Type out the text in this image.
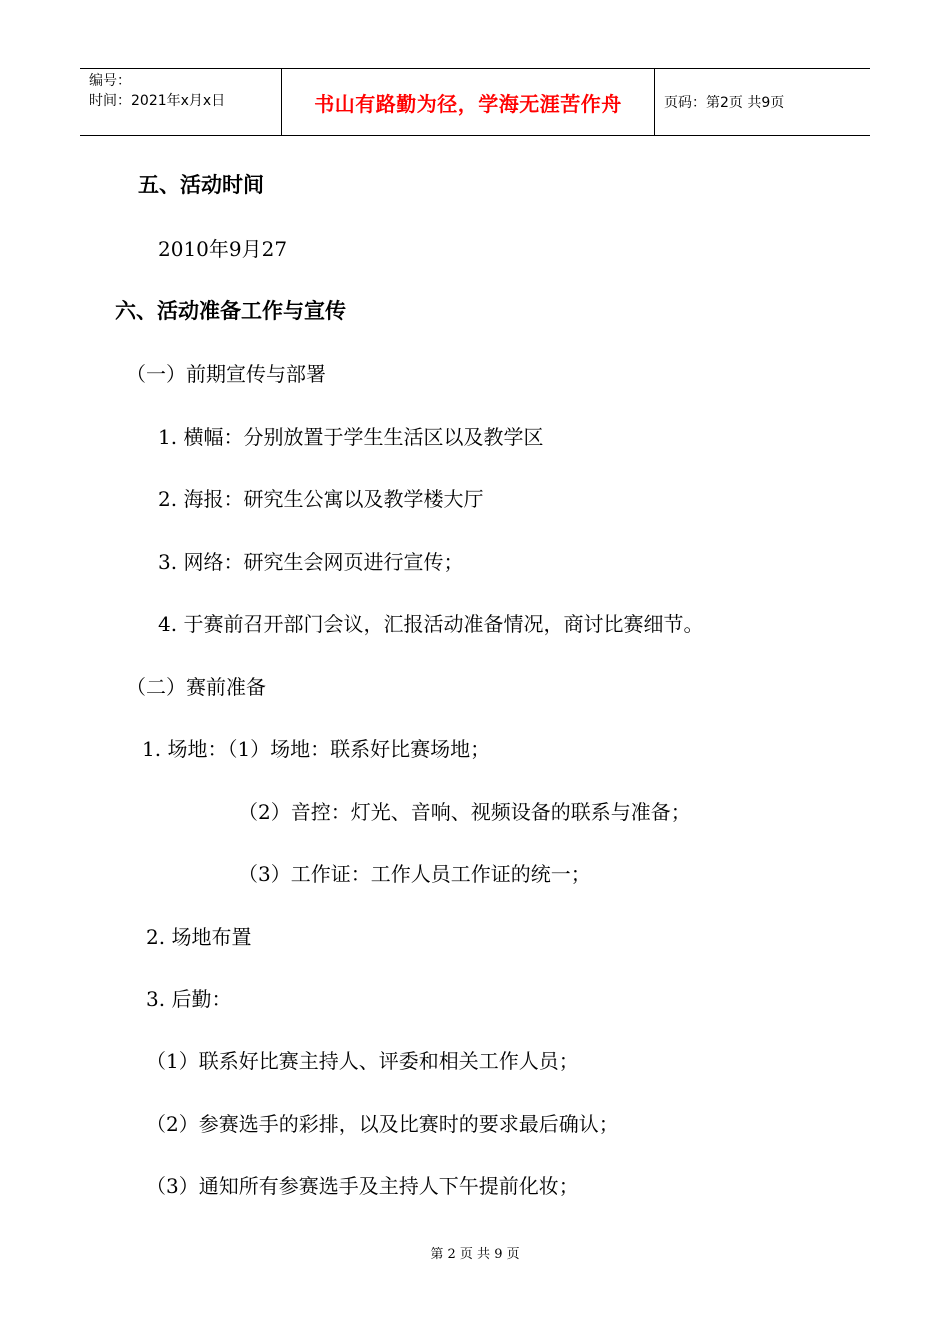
编号：
时间：2021年x月x日	书山有路勤为径，学海无涯苦作舟	页码：第2页 共9页
五、活动时间
2010年9月27
六、活动准备工作与宣传
（一）前期宣传与部署
1. 横幅：分别放置于学生生活区以及教学区
2. 海报：研究生公寓以及教学楼大厅
3. 网络：研究生会网页进行宣传；
4. 于赛前召开部门会议，汇报活动准备情况，商讨比赛细节。
（二）赛前准备
1. 场地：（1）场地：联系好比赛场地；
（2）音控：灯光、音响、视频设备的联系与准备；
（3）工作证：工作人员工作证的统一；
2. 场地布置
3. 后勤：
（1）联系好比赛主持人、评委和相关工作人员；
（2）参赛选手的彩排，以及比赛时的要求最后确认；
（3）通知所有参赛选手及主持人下午提前化妆；
第 2 页 共 9 页
